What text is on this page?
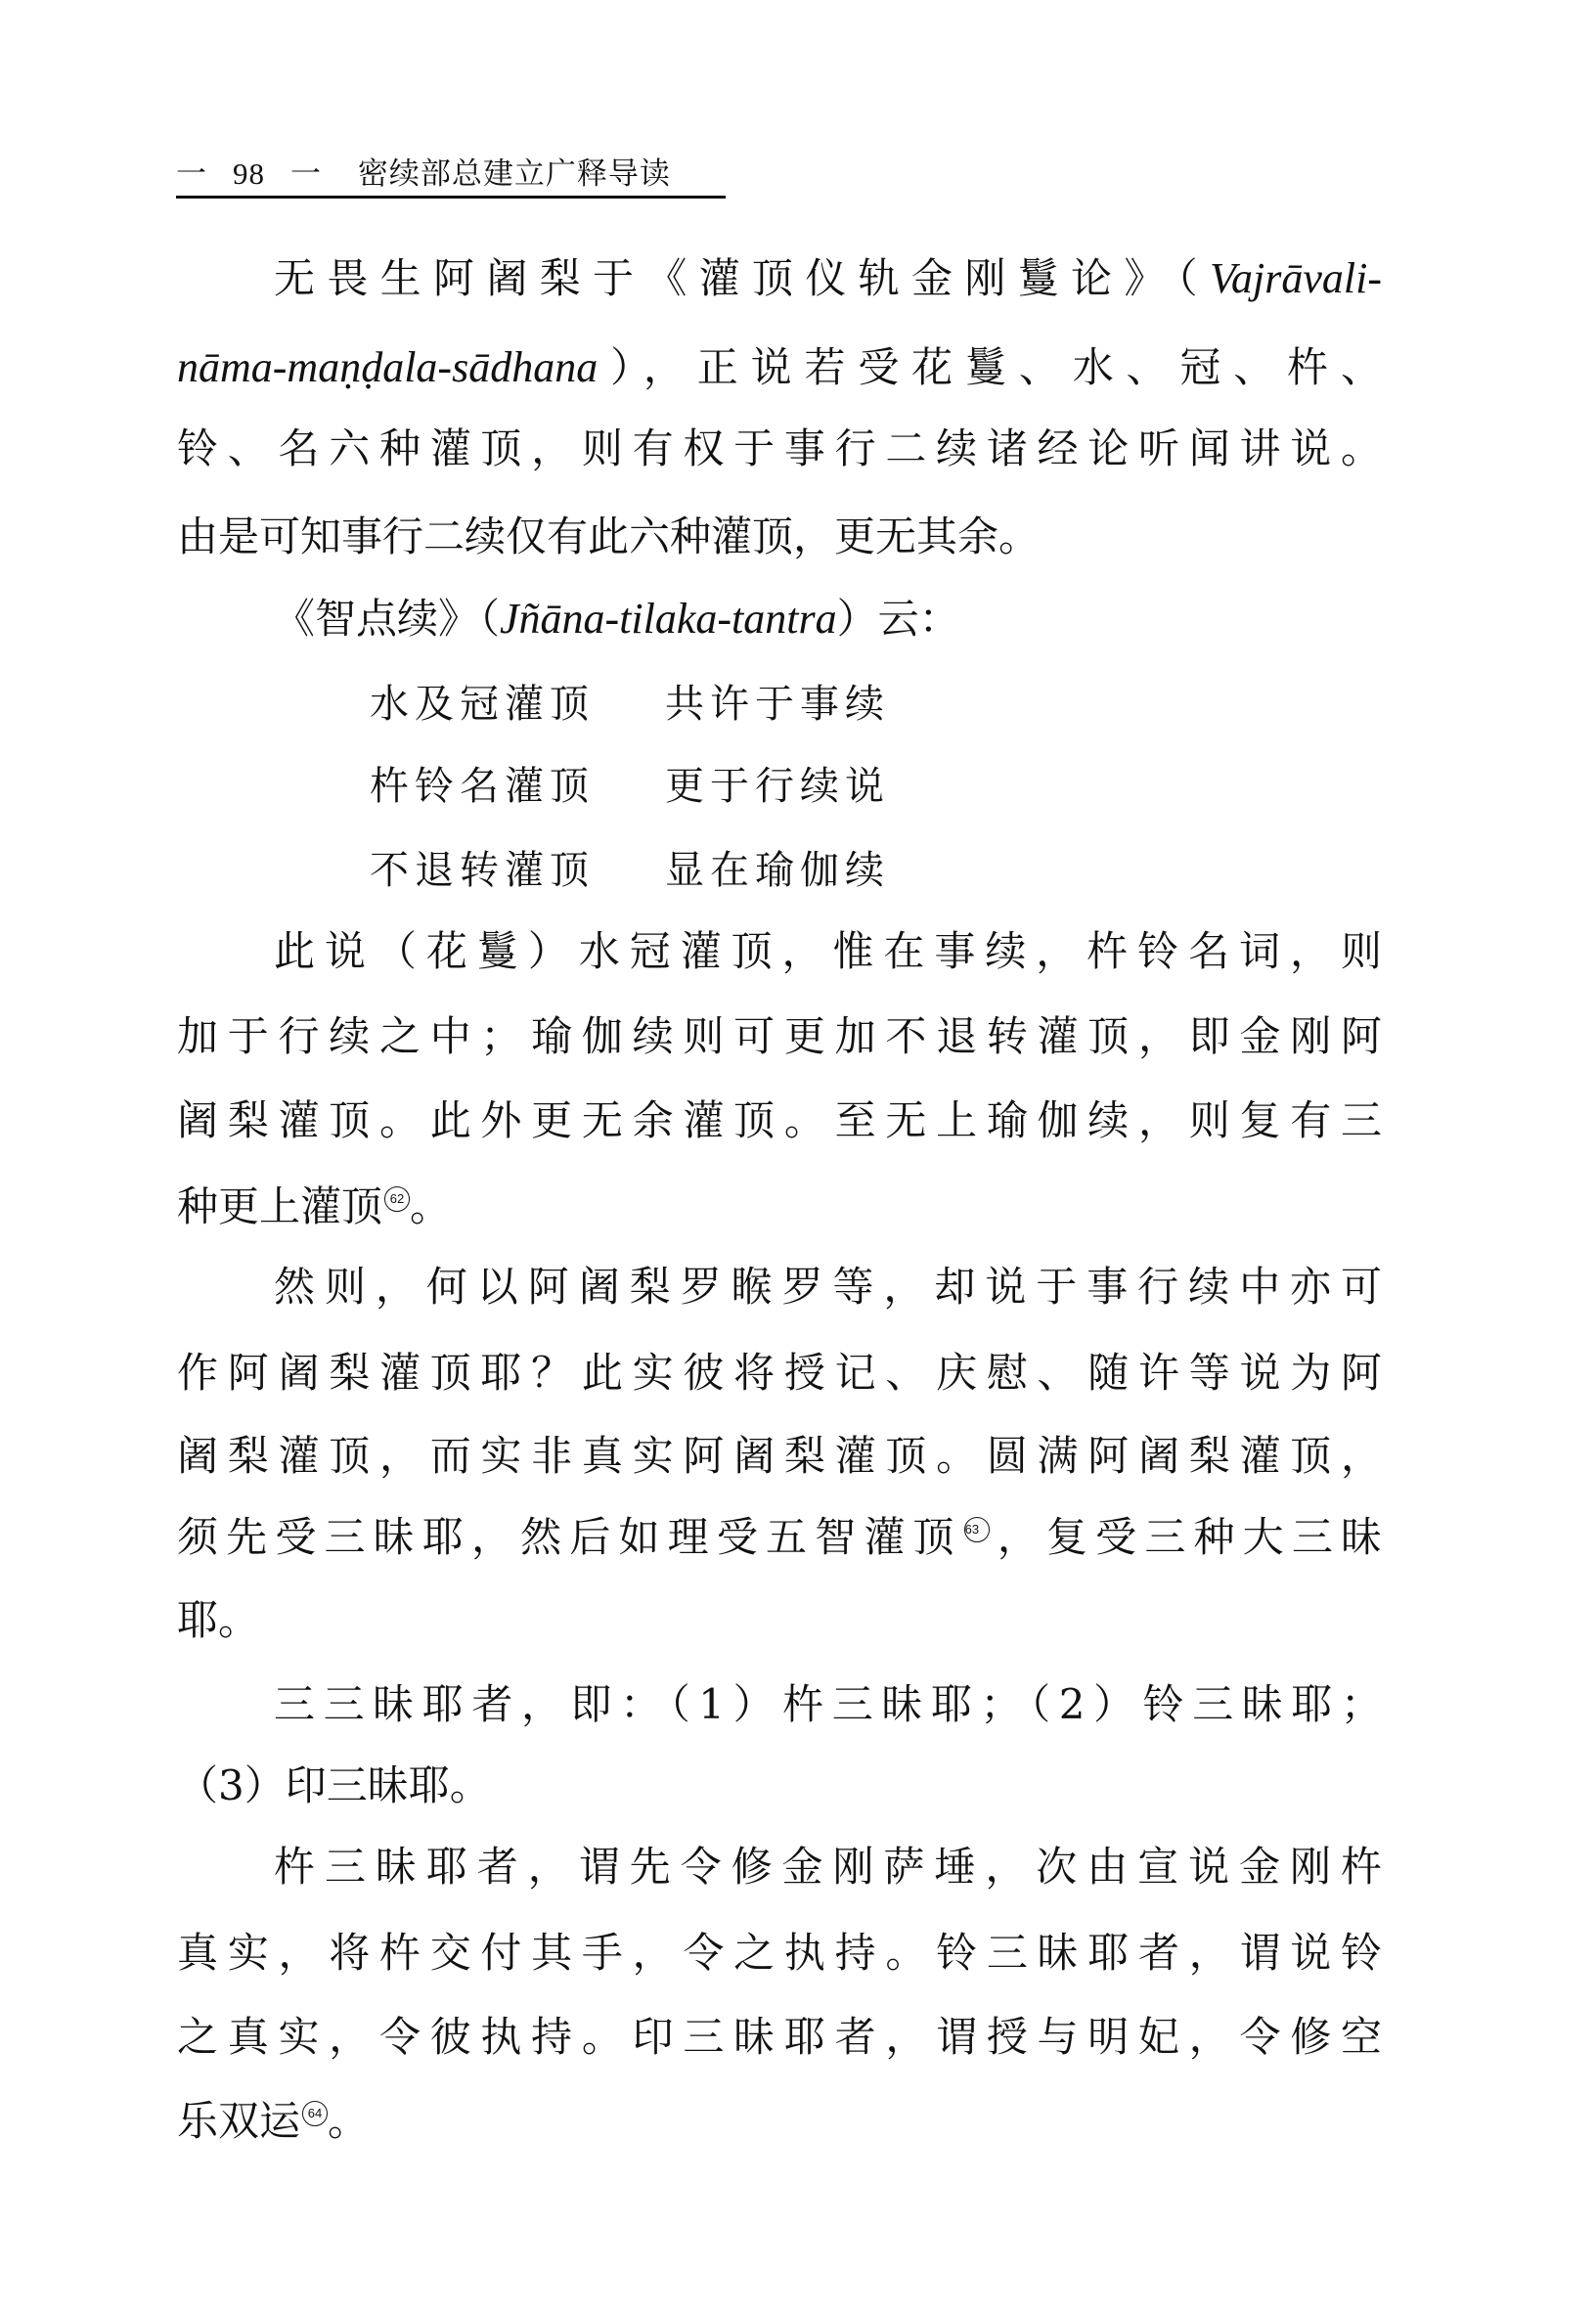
一 98 一 密续部总建立广释导读
无畏生阿阇梨于《灌顶仪轨金刚鬘论》（Vajrāvali-
nāma-maṇḍala-sādhana），正说若受花鬘、水、冠、杵、
铃、名六种灌顶，则有权于事行二续诸经论听闻讲说。
由是可知事行二续仅有此六种灌顶，更无其余。
《智点续》（Jñāna-tilaka-tantra）云：
此说（花鬘）水冠灌顶，惟在事续，杵铃名词，则
加于行续之中；瑜伽续则可更加不退转灌顶，即金刚阿
阇梨灌顶。此外更无余灌顶。至无上瑜伽续，则复有三
种更上灌顶 62 。
然则，何以阿阇梨罗睺罗等，却说于事行续中亦可
作阿阇梨灌顶耶？此实彼将授记、庆慰、随许等说为阿
阇梨灌顶，而实非真实阿阇梨灌顶。圆满阿阇梨灌顶，
须先受三昧耶，然后如理受五智灌顶 63 ，复受三种大三昧
耶。
三三昧耶者，即：（1）杵三昧耶；（2）铃三昧耶；
（3）印三昧耶。
杵三昧耶者，谓先令修金刚萨埵，次由宣说金刚杵
真实，将杵交付其手，令之执持。铃三昧耶者，谓说铃
之真实，令彼执持。印三昧耶者，谓授与明妃，令修空
乐双运 64 。
水及冠灌顶 共许于事续
杵铃名灌顶 更于行续说
不退转灌顶 显在瑜伽续
